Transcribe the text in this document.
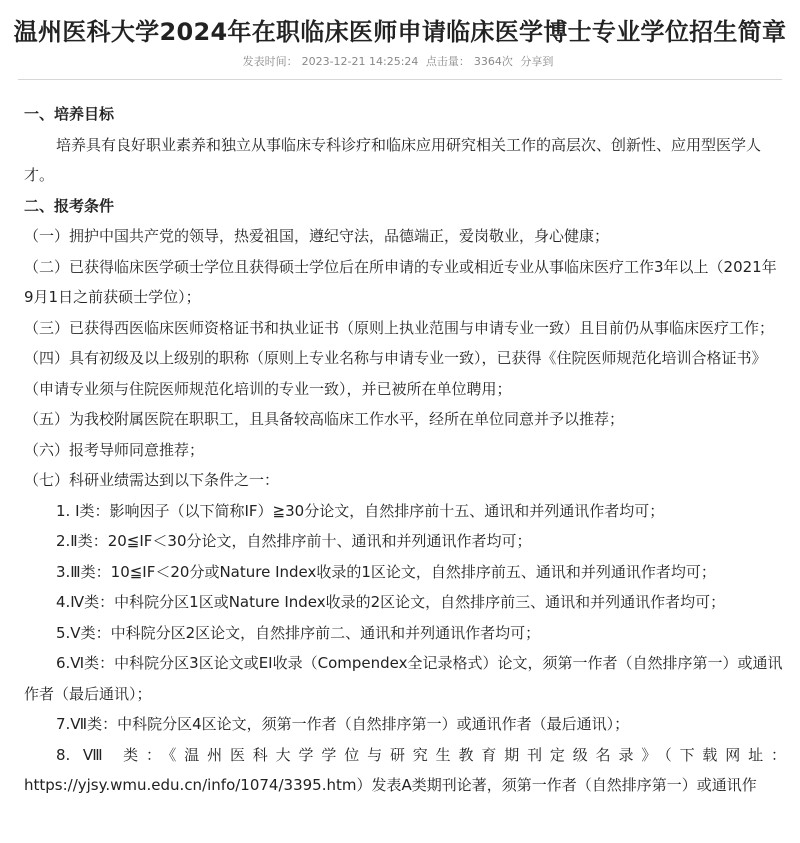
温州医科大学2024年在职临床医师申请临床医学博士专业学位招生简章
发表时间： 2023-12-21 14:25:24 点击量： 3364次 分享到

一、培养目标

培养具有良好职业素养和独立从事临床专科诊疗和临床应用研究相关工作的高层次、创新性、应用型医学人才。

二、报考条件

（一）拥护中国共产党的领导，热爱祖国，遵纪守法，品德端正，爱岗敬业，身心健康；

（二）已获得临床医学硕士学位且获得硕士学位后在所申请的专业或相近专业从事临床医疗工作3年以上（2021年9月1日之前获硕士学位）；

（三）已获得西医临床医师资格证书和执业证书（原则上执业范围与申请专业一致）且目前仍从事临床医疗工作；

（四）具有初级及以上级别的职称（原则上专业名称与申请专业一致），已获得《住院医师规范化培训合格证书》（申请专业须与住院医师规范化培训的专业一致），并已被所在单位聘用；

（五）为我校附属医院在职职工，且具备较高临床工作水平，经所在单位同意并予以推荐；

（六）报考导师同意推荐；

（七）科研业绩需达到以下条件之一：

1. Ⅰ类：影响因子（以下简称IF）≧30分论文，自然排序前十五、通讯和并列通讯作者均可；

2.Ⅱ类：20≦IF＜30分论文，自然排序前十、通讯和并列通讯作者均可；

3.Ⅲ类：10≦IF＜20分或Nature Index收录的1区论文，自然排序前五、通讯和并列通讯作者均可；

4.Ⅳ类：中科院分区1区或Nature Index收录的2区论文，自然排序前三、通讯和并列通讯作者均可；

5.Ⅴ类：中科院分区2区论文，自然排序前二、通讯和并列通讯作者均可；

6.Ⅵ类：中科院分区3区论文或EI收录（Compendex全记录格式）论文，须第一作者（自然排序第一）或通讯作者（最后通讯）；

7.Ⅶ类：中科院分区4区论文，须第一作者（自然排序第一）或通讯作者（最后通讯）；

8. Ⅷ 类：《温州医科大学学位与研究生教育期刊定级名录》（下载网址：

https://yjsy.wmu.edu.cn/info/1074/3395.htm）发表A类期刊论著，须第一作者（自然排序第一）或通讯作
